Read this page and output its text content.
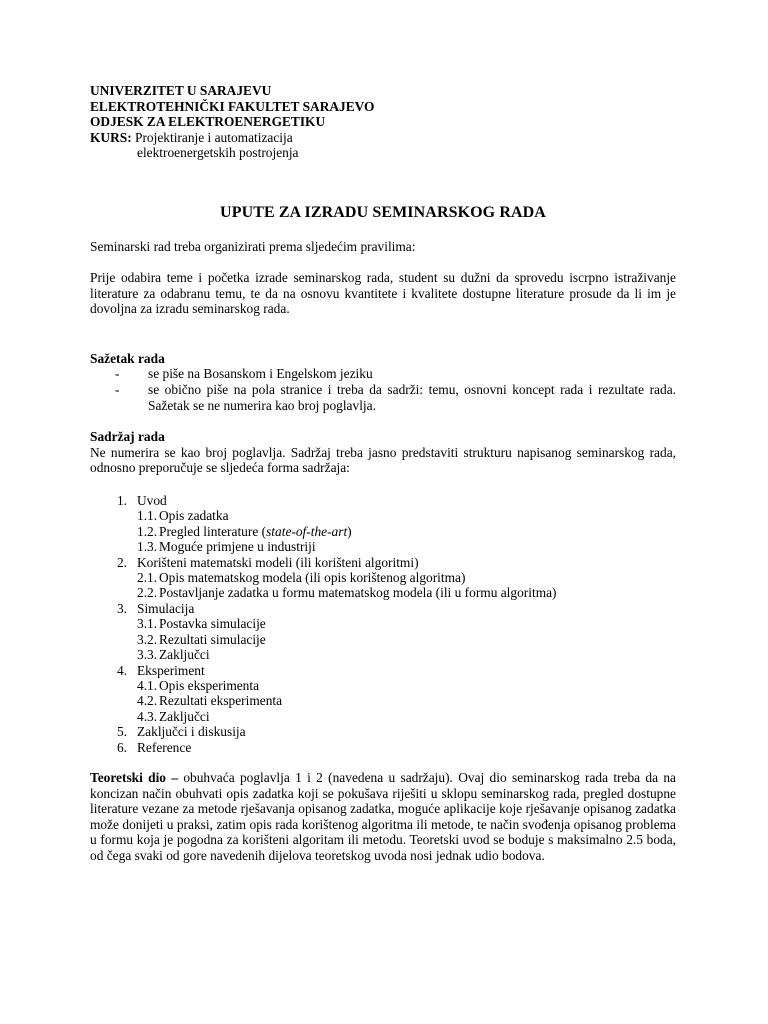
UNIVERZITET U SARAJEVU
ELEKTROTEHNIČKI FAKULTET SARAJEVO
ODJESK ZA ELEKTROENERGETIKU
KURS: Projektiranje i automatizacija
elektroenergetskih postrojenja
UPUTE ZA IZRADU SEMINARSKOG RADA
Seminarski rad treba organizirati prema sljedećim pravilima:
Prije odabira teme i početka izrade seminarskog rada, student su dužni da sprovedu iscrpno istraživanje literature za odabranu temu, te da na osnovu kvantitete i kvalitete dostupne literature prosude da li im je dovoljna za izradu seminarskog rada.
Sažetak rada
-	se piše na Bosanskom i Engelskom jeziku
-	se obično piše na pola stranice i treba da sadrži: temu, osnovni koncept rada i rezultate rada. Sažetak se ne numerira kao broj poglavlja.
Sadržaj rada
Ne numerira se kao broj poglavlja. Sadržaj treba jasno predstaviti strukturu napisanog seminarskog rada, odnosno preporučuje se sljedeća forma sadržaja:
1. Uvod
1.1. Opis zadatka
1.2. Pregled linterature (state-of-the-art)
1.3. Moguće primjene u industriji
2. Korišteni matematski modeli (ili korišteni algoritmi)
2.1. Opis matematskog modela (ili opis korištenog algoritma)
2.2. Postavljanje zadatka u formu matematskog modela (ili u formu algoritma)
3. Simulacija
3.1. Postavka simulacije
3.2. Rezultati simulacije
3.3. Zaključci
4. Eksperiment
4.1. Opis eksperimenta
4.2. Rezultati eksperimenta
4.3. Zaključci
5. Zaključci i diskusija
6. Reference
Teoretski dio – obuhvaća poglavlja 1 i 2 (navedena u sadržaju). Ovaj dio seminarskog rada treba da na koncizan način obuhvati opis zadatka koji se pokušava riješiti u sklopu seminarskog rada, pregled dostupne literature vezane za metode rješavanja opisanog zadatka, moguće aplikacije koje rješavanje opisanog zadatka može donijeti u praksi, zatim opis rada korištenog algoritma ili metode, te način svođenja opisanog problema u formu koja je pogodna za korišteni algoritam ili metodu. Teoretski uvod se boduje s maksimalno 2.5 boda, od čega svaki od gore navedenih dijelova teoretskog uvoda nosi jednak udio bodova.
